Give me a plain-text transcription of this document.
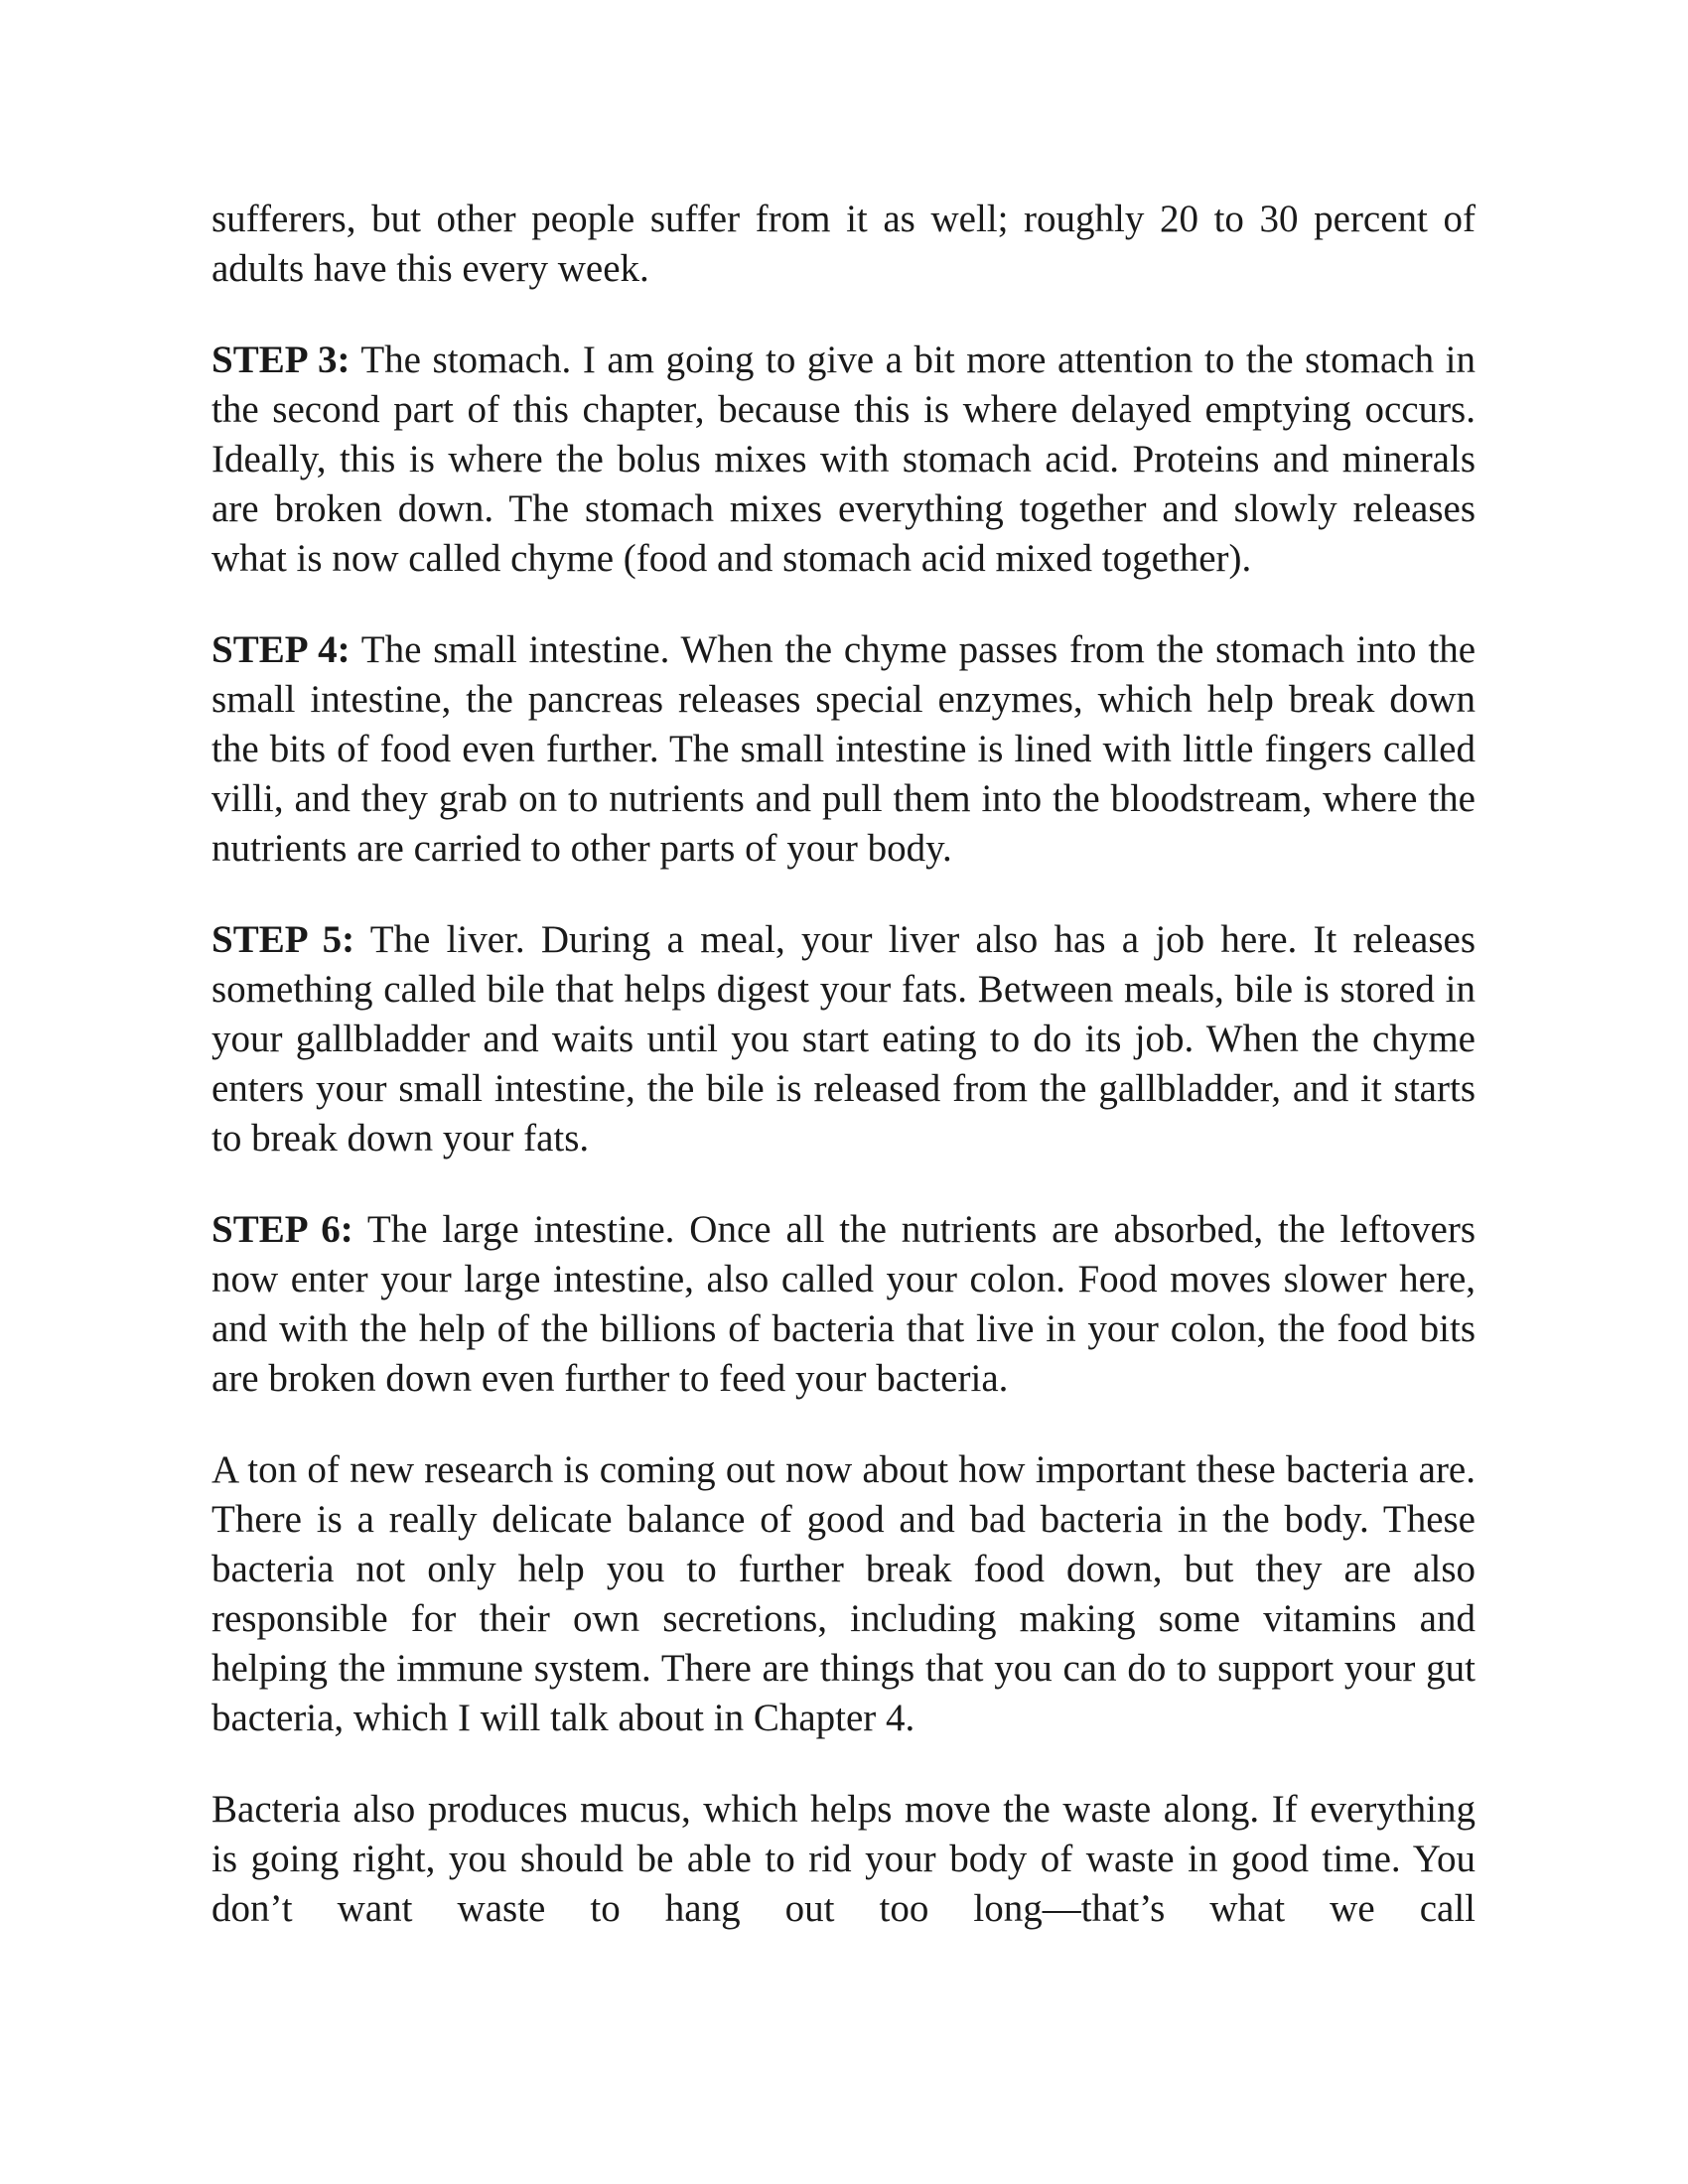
sufferers, but other people suffer from it as well; roughly 20 to 30 percent of adults have this every week.

STEP 3: The stomach. I am going to give a bit more attention to the stomach in the second part of this chapter, because this is where delayed emptying occurs. Ideally, this is where the bolus mixes with stomach acid. Proteins and minerals are broken down. The stomach mixes everything together and slowly releases what is now called chyme (food and stomach acid mixed together).

STEP 4: The small intestine. When the chyme passes from the stomach into the small intestine, the pancreas releases special enzymes, which help break down the bits of food even further. The small intestine is lined with little fingers called villi, and they grab on to nutrients and pull them into the bloodstream, where the nutrients are carried to other parts of your body.

STEP 5: The liver. During a meal, your liver also has a job here. It releases something called bile that helps digest your fats. Between meals, bile is stored in your gallbladder and waits until you start eating to do its job. When the chyme enters your small intestine, the bile is released from the gallbladder, and it starts to break down your fats.

STEP 6: The large intestine. Once all the nutrients are absorbed, the leftovers now enter your large intestine, also called your colon. Food moves slower here, and with the help of the billions of bacteria that live in your colon, the food bits are broken down even further to feed your bacteria.

A ton of new research is coming out now about how important these bacteria are. There is a really delicate balance of good and bad bacteria in the body. These bacteria not only help you to further break food down, but they are also responsible for their own secretions, including making some vitamins and helping the immune system. There are things that you can do to support your gut bacteria, which I will talk about in Chapter 4.

Bacteria also produces mucus, which helps move the waste along. If everything is going right, you should be able to rid your body of waste in good time. You don’t want waste to hang out too long—that’s what we call
